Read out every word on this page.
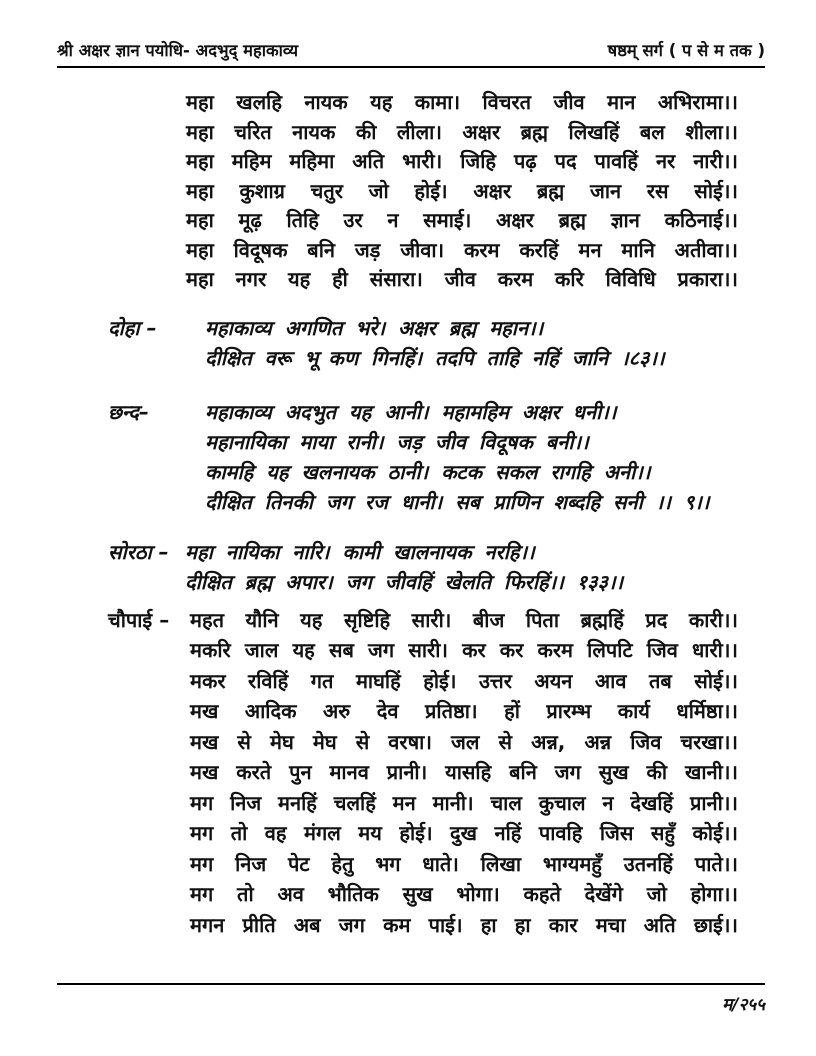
श्री अक्षर ज्ञान पयोधि- अदभुद् महाकाव्य	षष्ठम् सर्ग ( प से म तक )
महा खलहि नायक यह कामा। विचरत जीव मान अभिरामा।।
महा चरित नायक की लीला। अक्षर ब्रह्म लिखहिं बल शीला।।
महा महिम महिमा अति भारी। जिहि पढ़ पद पावहिं नर नारी।।
महा कुशाग्र चतुर जो होई। अक्षर ब्रह्म जान रस सोई।।
महा मूढ़ तिहि उर न समाई। अक्षर ब्रह्म ज्ञान कठिनाई।।
महा विदूषक बनि जड़ जीवा। करम करहिं मन मानि अतीवा।।
महा नगर यह ही संसारा। जीव करम करि विविधि प्रकारा।।
दोहा – महाकाव्य अगणित भरे। अक्षर ब्रह्म महान।।
दीक्षित वरू भू कण गिनहिं। तदपि ताहि नहिं जानि ।८३।।
छन्द–	महाकाव्य अदभुत यह आनी। महामहिम अक्षर धनी।।
महानायिका माया रानी। जड़ जीव विदूषक बनी।।
कामहि यह खलनायक ठानी। कटक सकल रागहि अनी।।
दीक्षित तिनकी जग रज धानी। सब प्राणिन शब्दहि सनी ।। ९।।
सोरठा – महा नायिका नारि। कामी खालनायक नरहि।।
दीक्षित ब्रह्म अपार। जग जीवहिं खेलति फिरहिं।। १३३।।
चौपाई – महत यौनि यह सृष्टिहि सारी। बीज पिता ब्रह्महिं प्रद कारी।।
मकरि जाल यह सब जग सारी। कर कर करम लिपटि जिव धारी।।
मकर रविहिं गत माघहिं होई। उत्तर अयन आव तब सोई।।
मख आदिक अरु देव प्रतिष्ठा। हों प्रारम्भ कार्य धर्मिष्ठा।।
मख से मेघ मेघ से वरषा। जल से अन्न, अन्न जिव चरखा।।
मख करते पुन मानव प्रानी। यासहि बनि जग सुख की खानी।।
मग निज मनहिं चलहिं मन मानी। चाल कुचाल न देखहिं प्रानी।।
मग तो वह मंगल मय होई। दुख नहिं पावहि जिस सहुँ कोई।।
मग निज पेट हेतु भग धाते। लिखा भाग्यमहुँ उतनहिं पाते।।
मग तो अव भौतिक सुख भोगा। कहते देखेंगे जो होगा।।
मगन प्रीति अब जग कम पाई। हा हा कार मचा अति छाई।।
म/२५५
